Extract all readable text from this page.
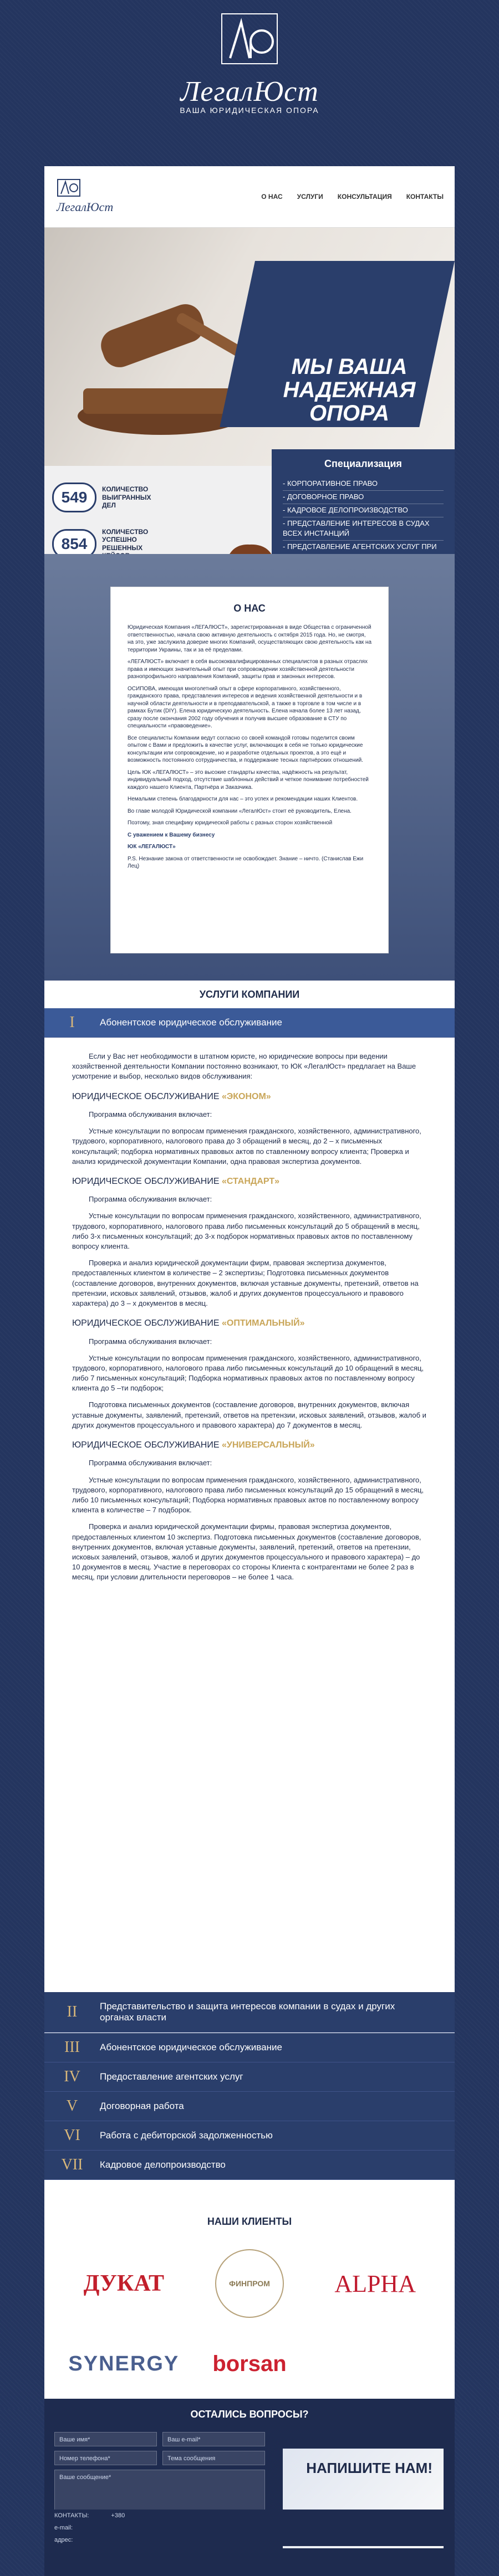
ЛегалЮст
ВАША ЮРИДИЧЕСКАЯ ОПОРА
ЛегалЮст
О НАС УСЛУГИ КОНСУЛЬТАЦИЯ КОНТАКТЫ
МЫ ВАША НАДЕЖНАЯ ОПОРА
549	КОЛИЧЕСТВО ВЫИГРАННЫХ ДЕЛ
854
КОЛИЧЕСТВО УСПЕШНО РЕШЕННЫХ
Специализация
- КОРПОРАТИВНОЕ ПРАВО
- ДОГОВОРНОЕ ПРАВО
- КАДРОВОЕ ДЕЛОПРОИЗВОДСТВО
- ПРЕДСТАВЛЕНИЕ ИНТЕРЕСОВ В СУДАХ ВСЕХ ИНСТАНЦИЙ
- ПРЕДСТАВЛЕНИЕ АГЕНТСКИХ УСЛУГ ПРИ
О НАС

Юридическая Компания «ЛЕГАЛЮСТ», зарегистрированная в виде Общества с ограниченной ответственностью, начала свою активную деятельность с октября 2015 года. Но, не смотря, на это, уже заслужила доверие многих Компаний, осуществляющих свою деятельность как на территории Украины, так и за её пределами.

«ЛЕГАЛЮСТ» включает в себя высококвалифицированных специалистов в разных отраслях права и имеющих значительный опыт при сопровождении хозяйственной деятельности разнопрофильного направления Компаний, защиты прав и законных интересов.

ОСИПОВА, имеющая многолетний опыт в сфере корпоративного, хозяйственного, гражданского права, представления интересов и ведения хозяйственной деятельности и в научной области деятельности и в преподавательской, а также в торговле в том числе и в рамках Бутик (DIY). Елена юридическую деятельность. Елена начала более 13 лет назад, сразу после окончания 2002 году обучения и получив высшее образование в СТУ по специальности «правоведение».

Все специалисты Компании ведут согласно со своей командой готовы поделится своим опытом с Вами и предложить в качестве услуг, включающих в себя не только юридические консультации или сопровождение, но и разработке отдельных проектов, а это ещё и возможность постоянного сотрудничества, и поддержание тесных партнёрских отношений.

Цель ЮК «ЛЕГАЛЮСТ» – это высокие стандарты качества, надёжность на результат, индивидуальный подход, отсутствие шаблонных действий и четкое понимание потребностей каждого нашего Клиента, Партнёра и Заказчика.

Немалыми степень благодарности для нас – это успех и рекомендации наших Клиентов.

Во главе молодой Юридической компании «ЛегалЮст» стоит её руководитель, Елена.

Поэтому, зная специфику юридической работы с разных сторон хозяйственной

С уважением к Вашему бизнесу

ЮК «ЛЕГАЛЮСТ»

P.S. Незнание закона от ответственности не освобождает. Знание – ничто. (Станислав Ежи Лец)

УСЛУГИ КОМПАНИИ
I	Абонентское юридическое обслуживание

Если у Вас нет необходимости в штатном юристе, но юридические вопросы при ведении хозяйственной деятельности Компании постоянно возникают, то ЮК «ЛегалЮст» предлагает на Ваше усмотрение и выбор, несколько видов обслуживания:

ЮРИДИЧЕСКОЕ ОБСЛУЖИВАНИЕ «ЭКОНОМ»

Программа обслуживания включает:

Устные консультации по вопросам применения гражданского, хозяйственного, административного, трудового, корпоративного, налогового права до 3 обращений в месяц, до 2 – х письменных консультаций; подборка нормативных правовых актов по ставленному вопросу клиента; Проверка и анализ юридической документации Компании, одна правовая экспертиза документов.

ЮРИДИЧЕСКОЕ ОБСЛУЖИВАНИЕ «СТАНДАРТ»

Программа обслуживания включает:

Устные консультации по вопросам применения гражданского, хозяйственного, административного, трудового, корпоративного, налогового права либо письменных консультаций до 5 обращений в месяц, либо 3-х письменных консультаций; до 3-х подборок нормативных правовых актов по поставленному вопросу клиента.

Проверка и анализ юридической документации фирм, правовая экспертиза документов, предоставленных клиентом в количестве – 2 экспертизы; Подготовка письменных документов (составление договоров, внутренних документов, включая уставные документы, претензий, ответов на претензии, исковых заявлений, отзывов, жалоб и других документов процессуального и правового характера) до 3 – х документов в месяц.

ЮРИДИЧЕСКОЕ ОБСЛУЖИВАНИЕ «ОПТИМАЛЬНЫЙ»

Программа обслуживания включает:

Устные консультации по вопросам применения гражданского, хозяйственного, административного, трудового, корпоративного, налогового права либо письменных консультаций до 10 обращений в месяц, либо 7 письменных консультаций; Подборка нормативных правовых актов по поставленному вопросу клиента до 5 –ти подборок;

Подготовка письменных документов (составление договоров, внутренних документов, включая уставные документы, заявлений, претензий, ответов на претензии, исковых заявлений, отзывов, жалоб и других документов процессуального и правового характера) до 7 документов в месяц.

ЮРИДИЧЕСКОЕ ОБСЛУЖИВАНИЕ «УНИВЕРСАЛЬНЫЙ»

Программа обслуживания включает:

Устные консультации по вопросам применения гражданского, хозяйственного, административного, трудового, корпоративного, налогового права либо письменных консультаций до 15 обращений в месяц, либо 10 письменных консультаций; Подборка нормативных правовых актов по поставленному вопросу клиента в количестве – 7 подборок.

Проверка и анализ юридической документации фирмы, правовая экспертиза документов, предоставленных клиентом 10 экспертиз. Подготовка письменных документов (составление договоров, внутренних документов, включая уставные документы, заявлений, претензий, ответов на претензии, исковых заявлений, отзывов, жалоб и других документов процессуального и правового характера) – до 10 документов в месяц. Участие в переговорах со стороны Клиента с контрагентами не более 2 раз в месяц, при условии длительности переговоров – не более 1 часа.

II	Представительство и защита интересов компании в судах и других органах власти
III	Абонентское юридическое обслуживание
IV	Предоставление агентских услуг
V	Договорная работа
VI	Работа с дебиторской задолженностью
VII	Кадровое делопроизводство
НАШИ КЛИЕНТЫ
ДУКАТ	ФИНПРОМ	ALPHA
SYNERGY borsan
ОСТАЛИСЬ ВОПРОСЫ?
Ваше имя*	Ваш e-mail*
Номер телефона*	Тема сообщения
Ваше сообщение*
НАПИШИТЕ НАМ!
КОНТАКТЫ:	+380
e-mail:
адрес:
